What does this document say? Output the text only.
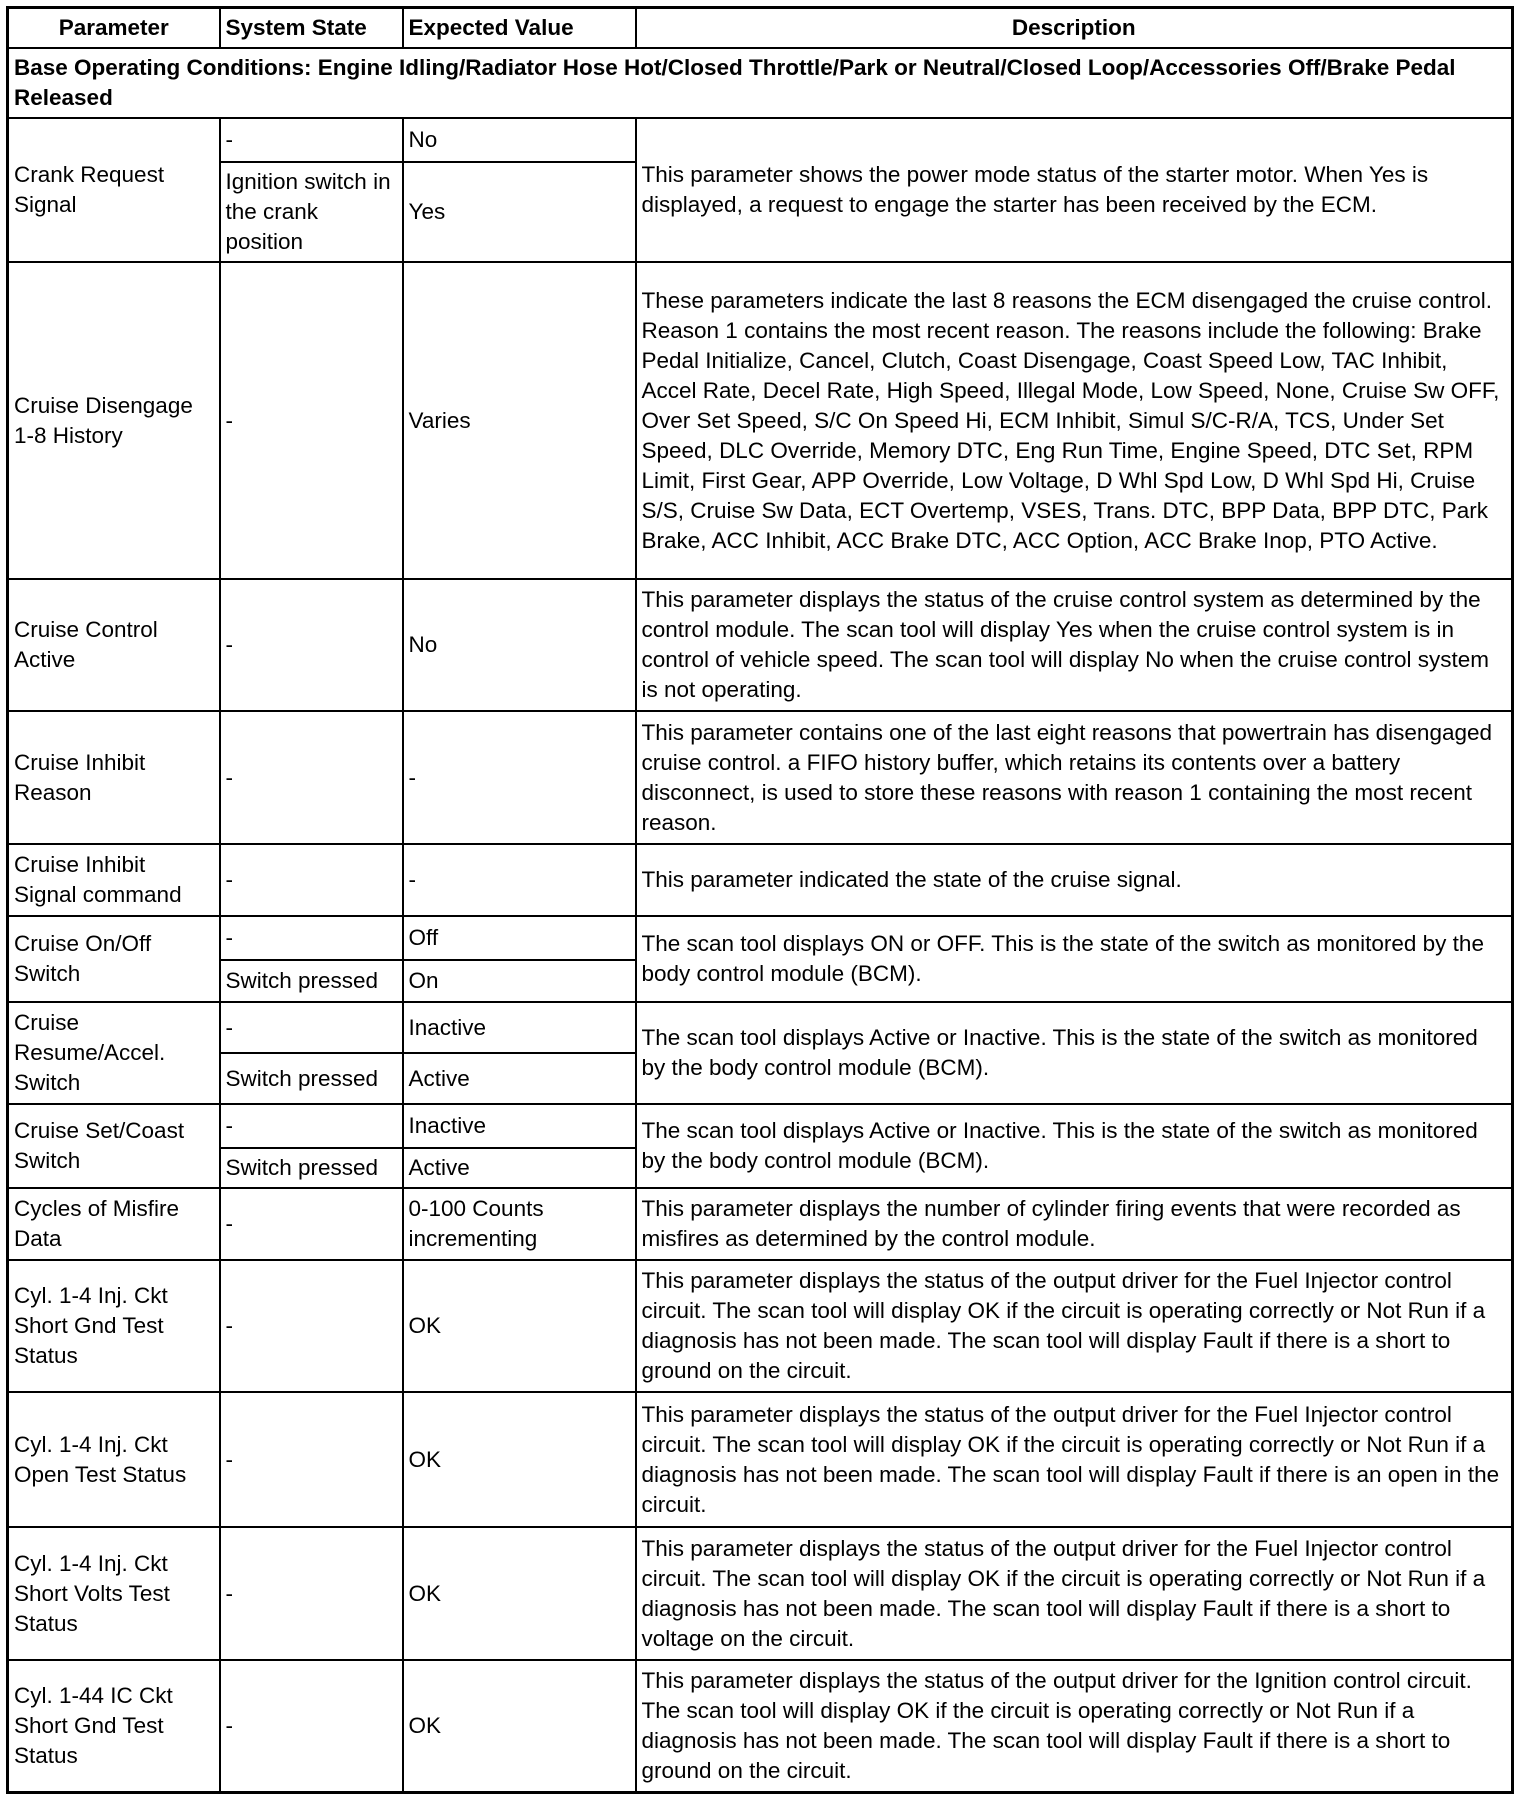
Parameter	System State	Expected Value	Description
Base Operating Conditions: Engine Idling/Radiator Hose Hot/Closed Throttle/Park or Neutral/Closed Loop/Accessories Off/Brake Pedal Released			
Crank Request Signal	-	No	This parameter shows the power mode status of the starter motor. When Yes is displayed, a request to engage the starter has been received by the ECM.
	Ignition switch in the crank position	Yes	
Cruise Disengage 1-8 History	-	Varies	These parameters indicate the last 8 reasons the ECM disengaged the cruise control. Reason 1 contains the most recent reason. The reasons include the following: Brake Pedal Initialize, Cancel, Clutch, Coast Disengage, Coast Speed Low, TAC Inhibit, Accel Rate, Decel Rate, High Speed, Illegal Mode, Low Speed, None, Cruise Sw OFF, Over Set Speed, S/C On Speed Hi, ECM Inhibit, Simul S/C-R/A, TCS, Under Set Speed, DLC Override, Memory DTC, Eng Run Time, Engine Speed, DTC Set, RPM Limit, First Gear, APP Override, Low Voltage, D Whl Spd Low, D Whl Spd Hi, Cruise S/S, Cruise Sw Data, ECT Overtemp, VSES, Trans. DTC, BPP Data, BPP DTC, Park Brake, ACC Inhibit, ACC Brake DTC, ACC Option, ACC Brake Inop, PTO Active.
Cruise Control Active	-	No	This parameter displays the status of the cruise control system as determined by the control module. The scan tool will display Yes when the cruise control system is in control of vehicle speed. The scan tool will display No when the cruise control system is not operating.
Cruise Inhibit Reason	-	-	This parameter contains one of the last eight reasons that powertrain has disengaged cruise control. a FIFO history buffer, which retains its contents over a battery disconnect, is used to store these reasons with reason 1 containing the most recent reason.
Cruise Inhibit Signal command	-	-	This parameter indicated the state of the cruise signal.
Cruise On/Off Switch	-	Off	The scan tool displays ON or OFF. This is the state of the switch as monitored by the body control module (BCM).
	Switch pressed	On	
Cruise Resume/Accel. Switch	-	Inactive	The scan tool displays Active or Inactive. This is the state of the switch as monitored by the body control module (BCM).
	Switch pressed	Active	
Cruise Set/Coast Switch	-	Inactive	The scan tool displays Active or Inactive. This is the state of the switch as monitored by the body control module (BCM).
	Switch pressed	Active	
Cycles of Misfire Data	-	0-100 Counts incrementing	This parameter displays the number of cylinder firing events that were recorded as misfires as determined by the control module.
Cyl. 1-4 Inj. Ckt Short Gnd Test Status	-	OK	This parameter displays the status of the output driver for the Fuel Injector control circuit. The scan tool will display OK if the circuit is operating correctly or Not Run if a diagnosis has not been made. The scan tool will display Fault if there is a short to ground on the circuit.
Cyl. 1-4 Inj. Ckt Open Test Status	-	OK	This parameter displays the status of the output driver for the Fuel Injector control circuit. The scan tool will display OK if the circuit is operating correctly or Not Run if a diagnosis has not been made. The scan tool will display Fault if there is an open in the circuit.
Cyl. 1-4 Inj. Ckt Short Volts Test Status	-	OK	This parameter displays the status of the output driver for the Fuel Injector control circuit. The scan tool will display OK if the circuit is operating correctly or Not Run if a diagnosis has not been made. The scan tool will display Fault if there is a short to voltage on the circuit.
Cyl. 1-44 IC Ckt Short Gnd Test Status	-	OK	This parameter displays the status of the output driver for the Ignition control circuit. The scan tool will display OK if the circuit is operating correctly or Not Run if a diagnosis has not been made. The scan tool will display Fault if there is a short to ground on the circuit.
